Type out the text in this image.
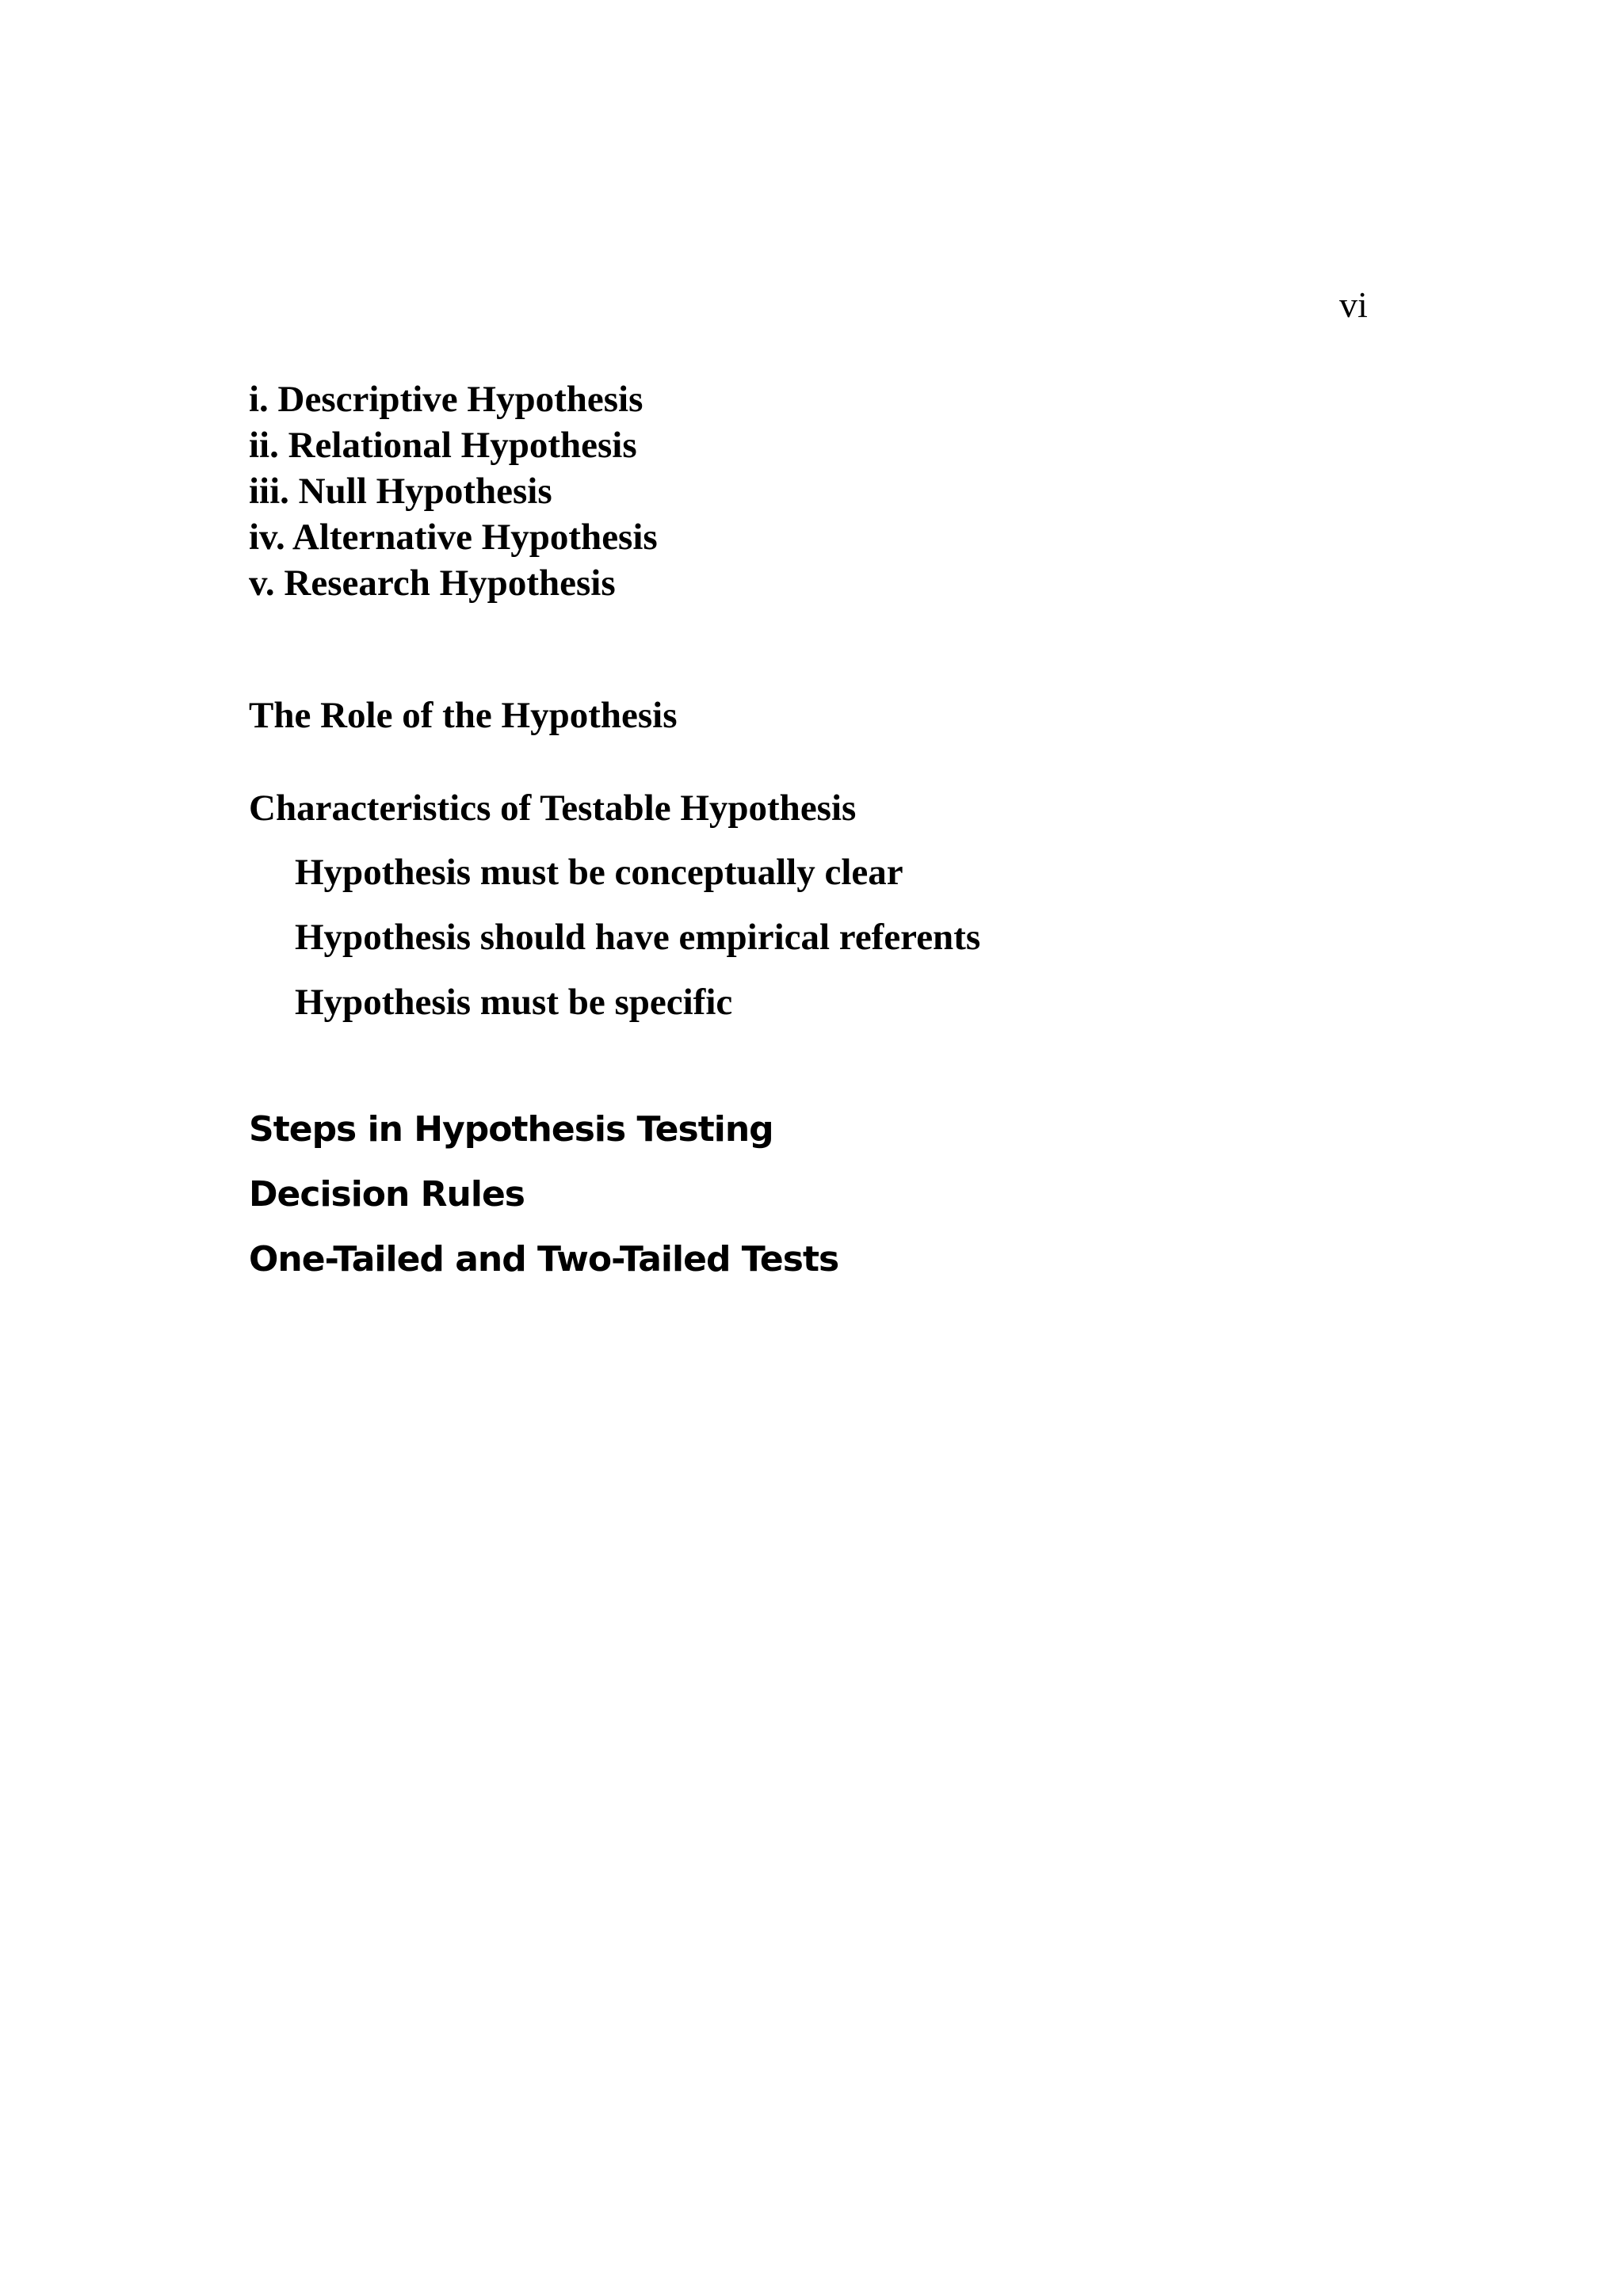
vi
i. Descriptive Hypothesis
ii. Relational Hypothesis
iii. Null Hypothesis
iv. Alternative Hypothesis
v. Research Hypothesis
The Role of the Hypothesis
Characteristics of Testable Hypothesis
Hypothesis must be conceptually clear
Hypothesis should have empirical referents
Hypothesis must be specific
Steps in Hypothesis Testing
Decision Rules
One-Tailed and Two-Tailed Tests
